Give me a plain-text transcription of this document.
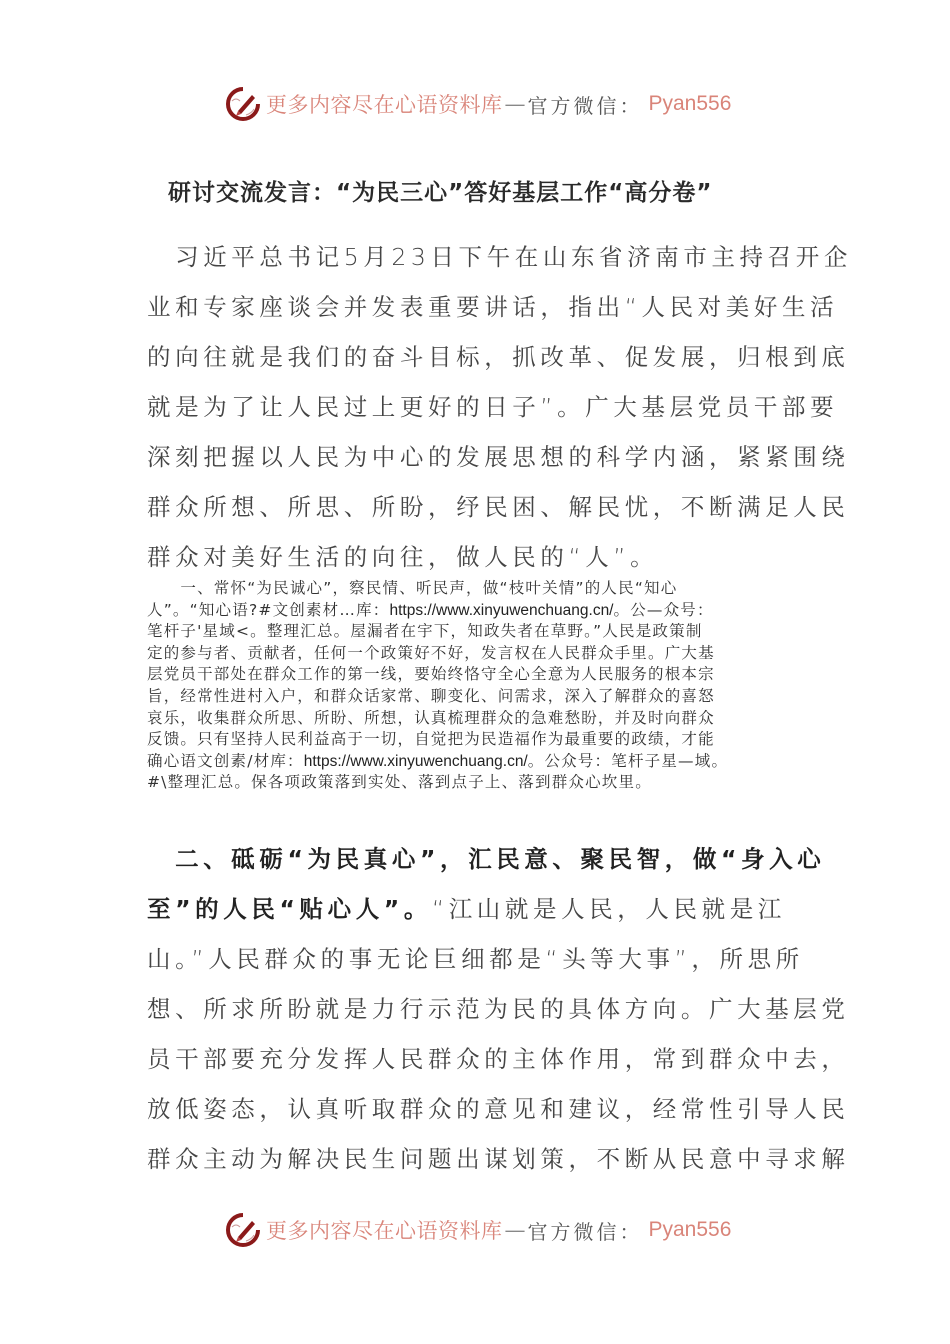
更多内容尽在心语资料库 — 官方微信： Pyan556
研讨交流发言：“为民三心”答好基层工作“高分卷”
　习近平总书记5月23日下午在山东省济南市主持召开企
业和专家座谈会并发表重要讲话，指出“人民对美好生活
的向往就是我们的奋斗目标，抓改革、促发展，归根到底
就是为了让人民过上更好的日子”。广大基层党员干部要
深刻把握以人民为中心的发展思想的科学内涵，紧紧围绕
群众所想、所思、所盼，纾民困、解民忧，不断满足人民
群众对美好生活的向往，做人民的“人”。
　　一、常怀“为民诚心”，察民情、听民声，做“枝叶关情”的人民“知心
人”。“知心语?#文创素材…库：https://www.xinyuwenchuang.cn/。公—众号：
笔杆子'星域<。整理汇总。屋漏者在宇下，知政失者在草野。”人民是政策制
定的参与者、贡献者，任何一个政策好不好，发言权在人民群众手里。广大基
层党员干部处在群众工作的第一线，要始终恪守全心全意为人民服务的根本宗
旨，经常性进村入户，和群众话家常、聊变化、问需求，深入了解群众的喜怒
哀乐，收集群众所思、所盼、所想，认真梳理群众的急难愁盼，并及时向群众
反馈。只有坚持人民利益高于一切，自觉把为民造福作为最重要的政绩，才能
确心语文创素/材库：https://www.xinyuwenchuang.cn/。公众号：笔杆子星—域。
#\整理汇总。保各项政策落到实处、落到点子上、落到群众心坎里。
　二、砥砺“为民真心”，汇民意、聚民智，做“身入心
至”的人民“贴心人”。“江山就是人民，人民就是江
山。”人民群众的事无论巨细都是“头等大事”，所思所
想、所求所盼就是力行示范为民的具体方向。广大基层党
员干部要充分发挥人民群众的主体作用，常到群众中去，
放低姿态，认真听取群众的意见和建议，经常性引导人民
群众主动为解决民生问题出谋划策，不断从民意中寻求解
更多内容尽在心语资料库 — 官方微信： Pyan556
